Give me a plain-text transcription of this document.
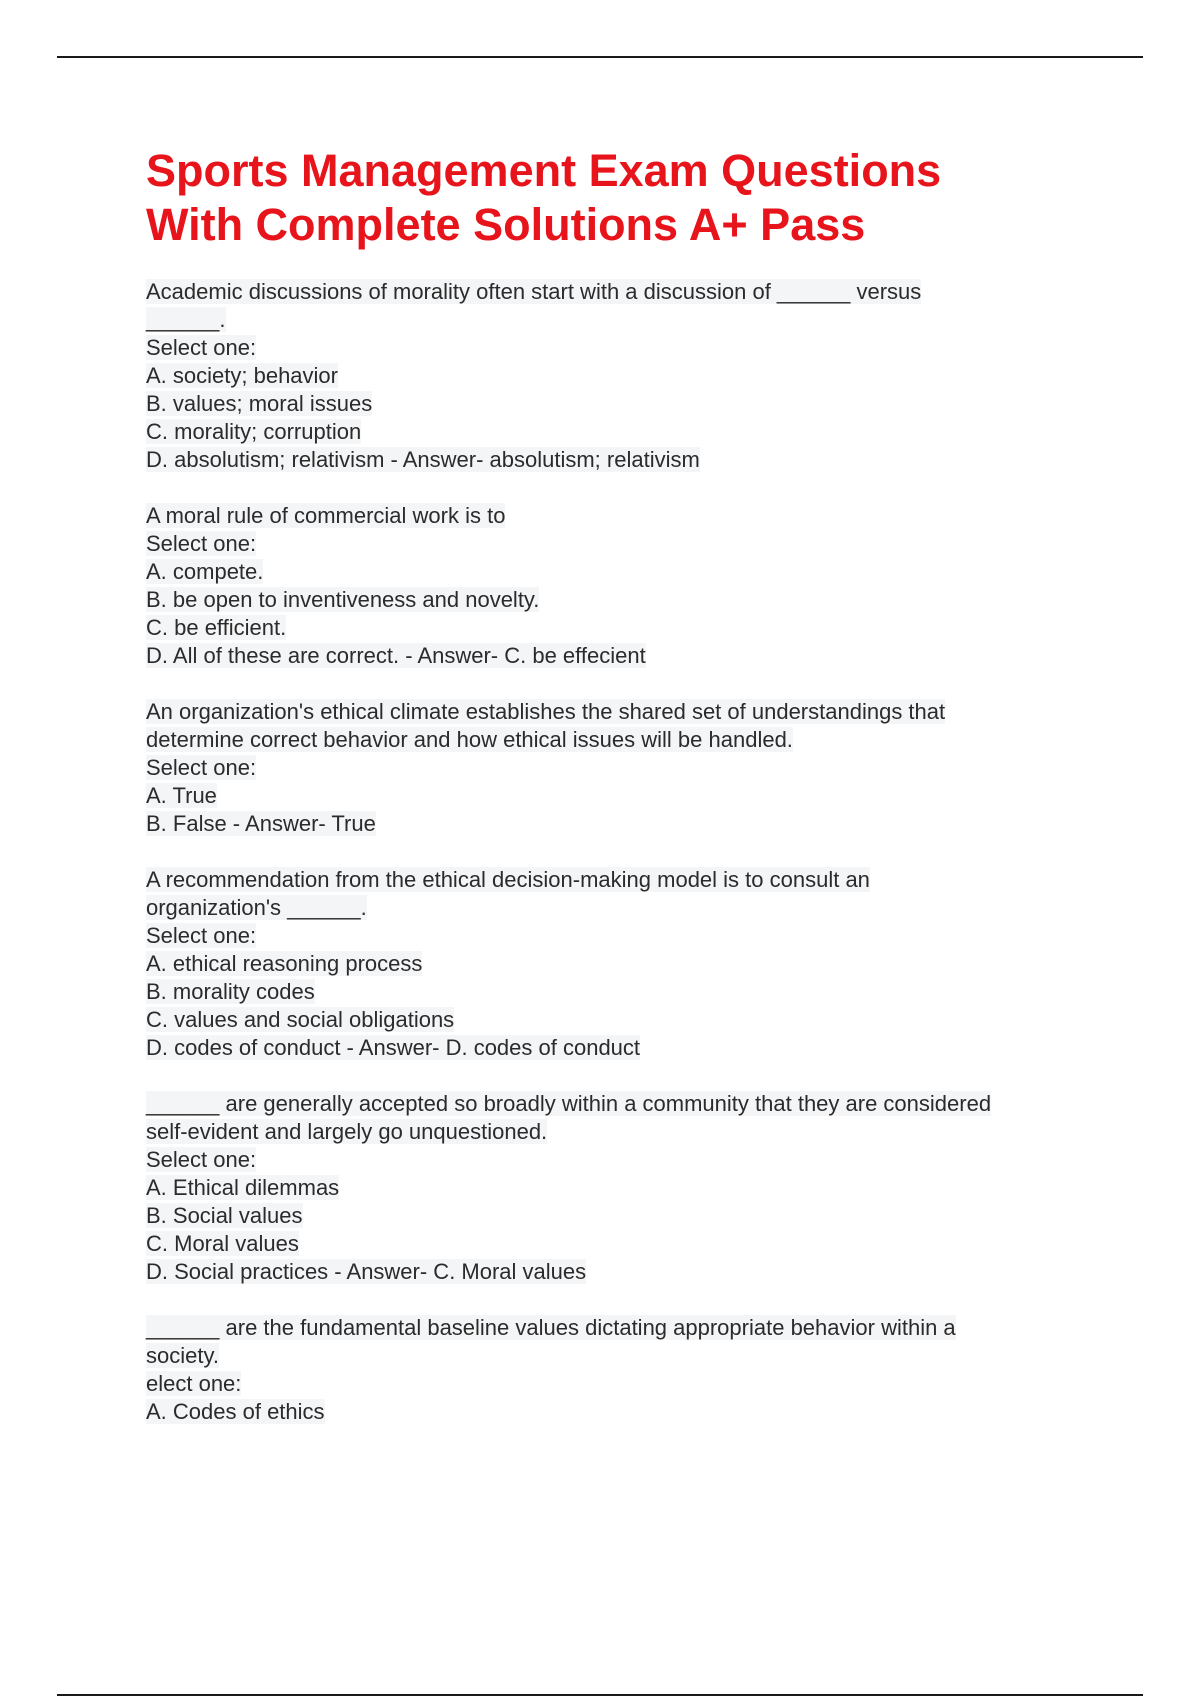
Sports Management Exam Questions
With Complete Solutions A+ Pass
Academic discussions of morality often start with a discussion of ______ versus
______.
Select one:
A. society; behavior
B. values; moral issues
C. morality; corruption
D. absolutism; relativism - Answer- absolutism; relativism
A moral rule of commercial work is to
Select one:
A. compete.
B. be open to inventiveness and novelty.
C. be efficient.
D. All of these are correct. - Answer- C. be effecient
An organization's ethical climate establishes the shared set of understandings that
determine correct behavior and how ethical issues will be handled.
Select one:
A. True
B. False - Answer- True
A recommendation from the ethical decision-making model is to consult an
organization's ______.
Select one:
A. ethical reasoning process
B. morality codes
C. values and social obligations
D. codes of conduct - Answer- D. codes of conduct
______ are generally accepted so broadly within a community that they are considered
self-evident and largely go unquestioned.
Select one:
A. Ethical dilemmas
B. Social values
C. Moral values
D. Social practices - Answer- C. Moral values
______ are the fundamental baseline values dictating appropriate behavior within a
society.
elect one:
A. Codes of ethics
